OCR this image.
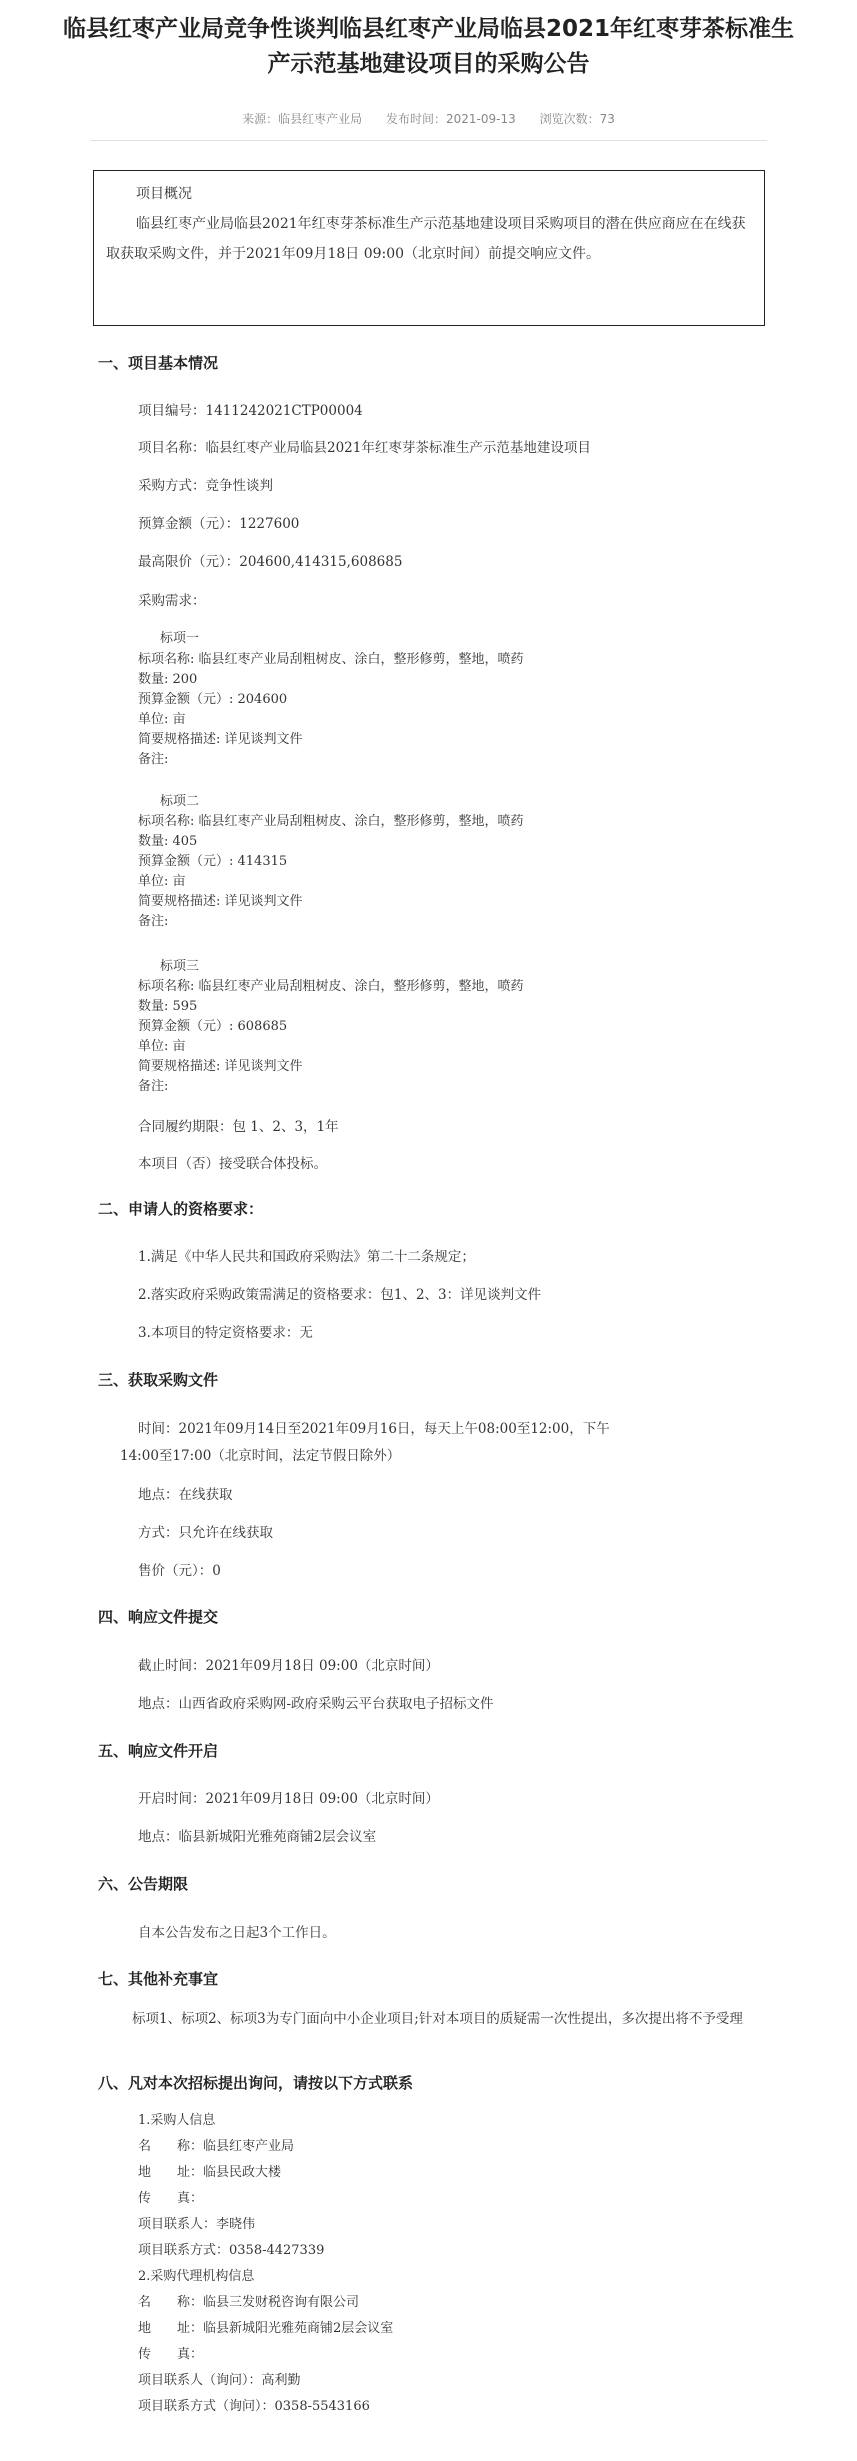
临县红枣产业局竞争性谈判临县红枣产业局临县2021年红枣芽茶标准生产示范基地建设项目的采购公告
来源：临县红枣产业局 发布时间：2021-09-13 浏览次数：73
项目概况
临县红枣产业局临县2021年红枣芽茶标准生产示范基地建设项目采购项目的潜在供应商应在在线获取获取采购文件，并于2021年09月18日 09:00（北京时间）前提交响应文件。
一、项目基本情况
项目编号：1411242021CTP00004
项目名称：临县红枣产业局临县2021年红枣芽茶标准生产示范基地建设项目
采购方式：竞争性谈判
预算金额（元）：1227600
最高限价（元）：204600,414315,608685
采购需求：
标项一
标项名称: 临县红枣产业局刮粗树皮、涂白，整形修剪，整地，喷药
数量: 200
预算金额（元）: 204600
单位: 亩
简要规格描述: 详见谈判文件
备注:
标项二
标项名称: 临县红枣产业局刮粗树皮、涂白，整形修剪，整地，喷药
数量: 405
预算金额（元）: 414315
单位: 亩
简要规格描述: 详见谈判文件
备注:
标项三
标项名称: 临县红枣产业局刮粗树皮、涂白，整形修剪，整地，喷药
数量: 595
预算金额（元）: 608685
单位: 亩
简要规格描述: 详见谈判文件
备注:
合同履约期限：包 1、2、3，1年
本项目（否）接受联合体投标。
二、申请人的资格要求：
1.满足《中华人民共和国政府采购法》第二十二条规定；
2.落实政府采购政策需满足的资格要求：包1、2、3：详见谈判文件
3.本项目的特定资格要求：无
三、获取采购文件
时间：2021年09月14日至2021年09月16日，每天上午08:00至12:00，下午
14:00至17:00（北京时间，法定节假日除外）
地点：在线获取
方式：只允许在线获取
售价（元）：0
四、响应文件提交
截止时间：2021年09月18日 09:00（北京时间）
地点：山西省政府采购网-政府采购云平台获取电子招标文件
五、响应文件开启
开启时间：2021年09月18日 09:00（北京时间）
地点：临县新城阳光雅苑商铺2层会议室
六、公告期限
自本公告发布之日起3个工作日。
七、其他补充事宜
标项1、标项2、标项3为专门面向中小企业项目;针对本项目的质疑需一次性提出，多次提出将不予受理
八、凡对本次招标提出询问，请按以下方式联系
1.采购人信息
名　　称：临县红枣产业局
地　　址：临县民政大楼
传　　真：
项目联系人：李晓伟
项目联系方式：0358-4427339
2.采购代理机构信息
名　　称：临县三发财税咨询有限公司
地　　址：临县新城阳光雅苑商铺2层会议室
传　　真：
项目联系人（询问）：高利勤
项目联系方式（询问）：0358-5543166
